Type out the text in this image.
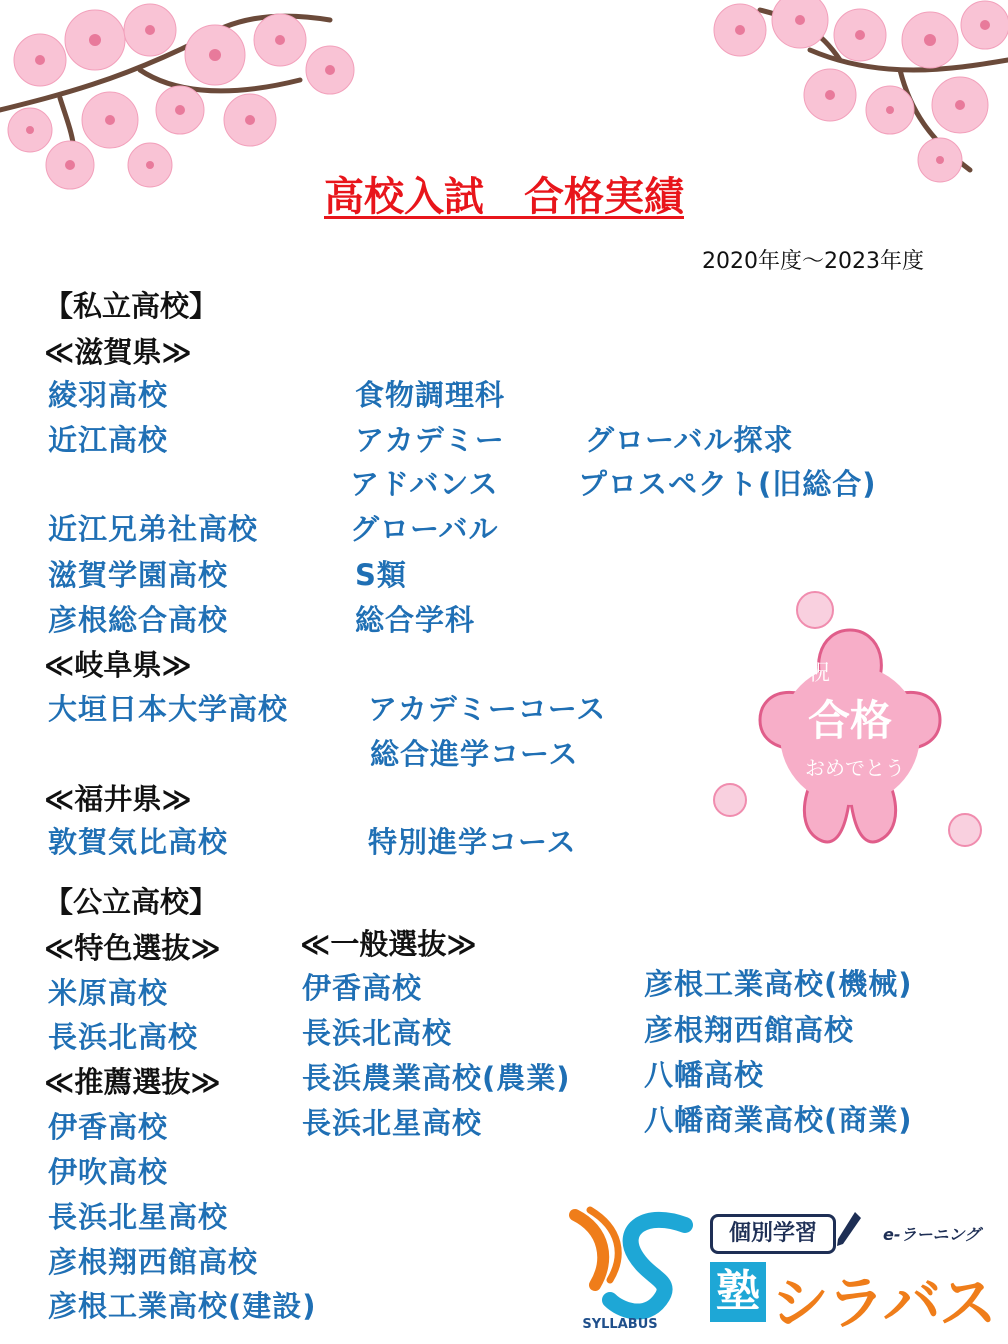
高校入試　合格実績
2020年度～2023年度
【私立高校】
≪滋賀県≫
綾羽高校	食物調理科
近江高校	アカデミー	グローバル探求
アドバンス	プロスペクト(旧総合)
近江兄弟社高校	グローバル
滋賀学園高校	S類
彦根総合高校	総合学科
≪岐阜県≫
大垣日本大学高校	アカデミーコース
総合進学コース
≪福井県≫
敦賀気比高校	特別進学コース
【公立高校】
≪特色選抜≫
米原高校
長浜北高校
≪推薦選抜≫
伊香高校
伊吹高校
長浜北星高校
彦根翔西館高校
彦根工業高校(建設)
≪一般選抜≫
伊香高校
長浜北高校
長浜農業高校(農業)
長浜北星高校
彦根工業高校(機械)
彦根翔西館高校
八幡高校
八幡商業高校(商業)
祝
合格
おめでとう
SYLLABUS
個別学習	e-ラーニング
塾 シラバス
